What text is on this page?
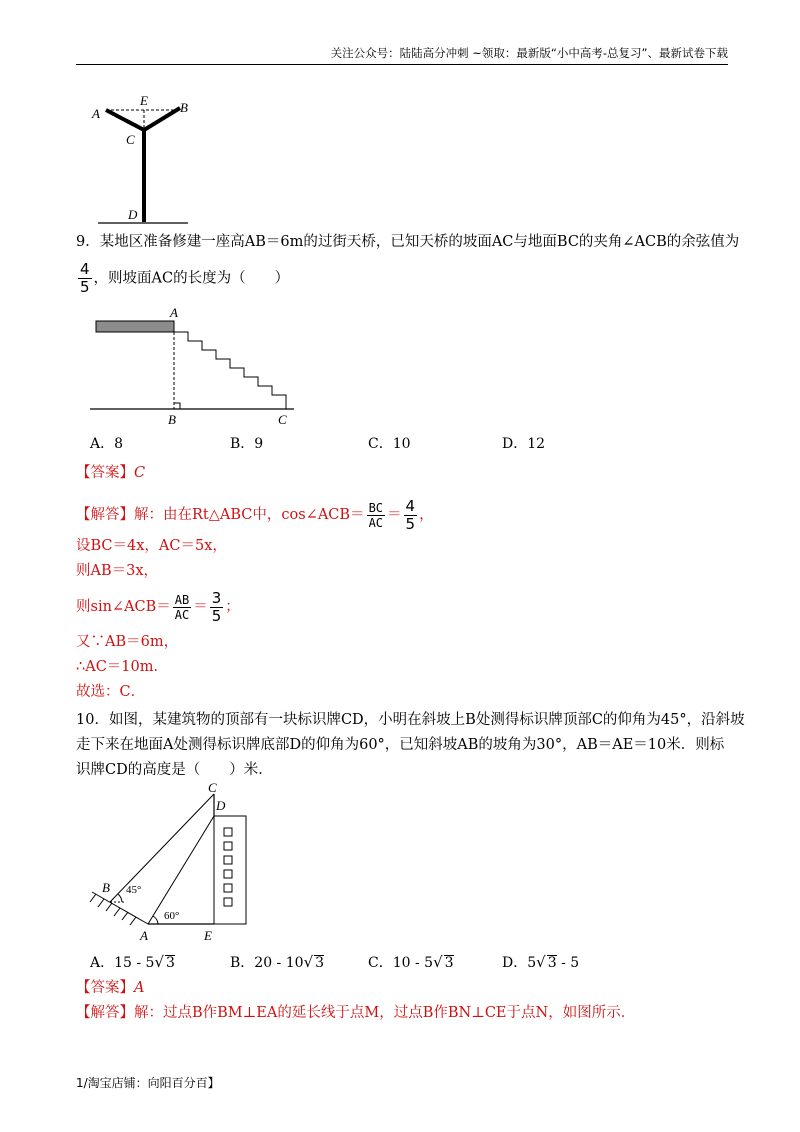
关注公众号：陆陆高分冲刺 ~领取：最新版“小中高考-总复习”、最新试卷下载
A
E B
C
D
9．某地区准备修建一座高AB＝6m的过街天桥，已知天桥的坡面AC与地面BC的夹角∠ACB的余弦值为
$\frac{4}{5}$ ，则坡面AC的长度为（　　）
A
B	C
A．8	B．9	C．10	D．12
【答案】C
【解答】解：由在Rt△ABC中，cos∠ACB＝ $\frac{BC}{AC} = \frac{4}{5}$ ，
设BC＝4x，AC＝5x，
则AB＝3x，
则sin∠ACB＝ $\frac{AB}{AC} = \frac{3}{5}$ ；
又∵AB＝6m，
∴AC＝10m．
故选：C．
10．如图，某建筑物的顶部有一块标识牌CD，小明在斜坡上B处测得标识牌顶部C的仰角为45°，沿斜坡
走下来在地面A处测得标识牌底部D的仰角为60°，已知斜坡AB的坡角为30°，AB＝AE＝10米．则标
识牌CD的高度是（　　）米．
C
D
B
A	E
45°
60°
A．15 - 5√ 3	B．20 - 10√ 3	C．10 - 5√ 3	D．5√ 3 - 5
【答案】A
【解答】解：过点B作BM⊥EA的延长线于点M，过点B作BN⊥CE于点N，如图所示．
1/淘宝店铺：向阳百分百】
